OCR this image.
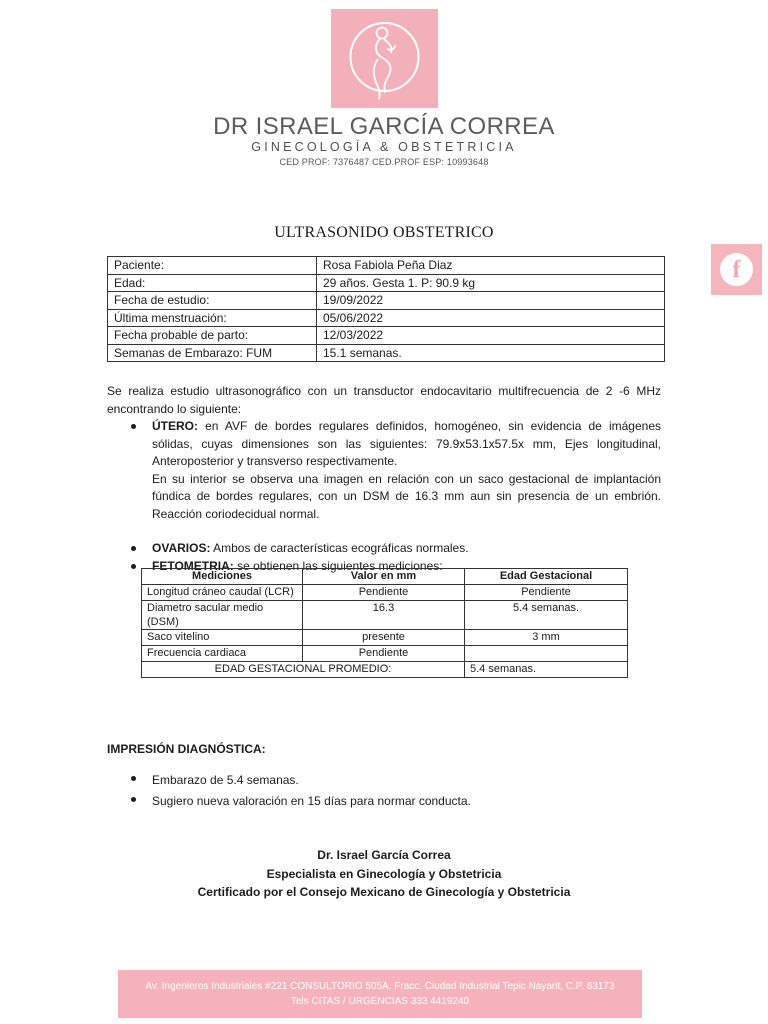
DR ISRAEL GARCÍA CORREA
GINECOLOGÍA & OBSTETRICIA
CED PROF: 7376487 CED.PROF ESP: 10993648
f
ULTRASONIDO OBSTETRICO
Paciente:	Rosa Fabiola Peña Diaz
Edad:	29 años. Gesta 1. P: 90.9 kg
Fecha de estudio:	19/09/2022
Última menstruación:	05/06/2022
Fecha probable de parto:	12/03/2022
Semanas de Embarazo: FUM	15.1 semanas.
Se realiza estudio ultrasonográfico con un transductor endocavitario multifrecuencia de 2 -6 MHz encontrando lo siguiente:
ÚTERO: en AVF de bordes regulares definidos, homogéneo, sin evidencia de imágenes sólidas, cuyas dimensiones son las siguientes: 79.9x53.1x57.5x mm, Ejes longitudinal, Anteroposterior y transverso respectivamente.
En su interior se observa una imagen en relación con un saco gestacional de implantación fúndica de bordes regulares, con un DSM de 16.3 mm aun sin presencia de un embrión. Reacción coriodecidual normal.
OVARIOS: Ambos de características ecográficas normales.
FETOMETRIA: se obtienen las siguientes mediciones:
Mediciones	Valor en mm	Edad Gestacional
Longitud cráneo caudal (LCR)	Pendiente	Pendiente
Diametro sacular medio (DSM)	16.3	5.4 semanas.
Saco vitelino	presente	3 mm
Frecuencia cardiaca	Pendiente	
EDAD GESTACIONAL PROMEDIO:		5.4 semanas.
IMPRESIÓN DIAGNÓSTICA:
Embarazo de 5.4 semanas.
Sugiero nueva valoración en 15 días para normar conducta.
Dr. Israel García Correa
Especialista en Ginecología y Obstetricia
Certificado por el Consejo Mexicano de Ginecología y Obstetricia
Av. Ingenieros Industriales #221 CONSULTORIO 505A. Fracc. Ciudad Industrial Tepic Nayarit, C.P. 63173
Tels CITAS / URGENCIAS 333 4419240
